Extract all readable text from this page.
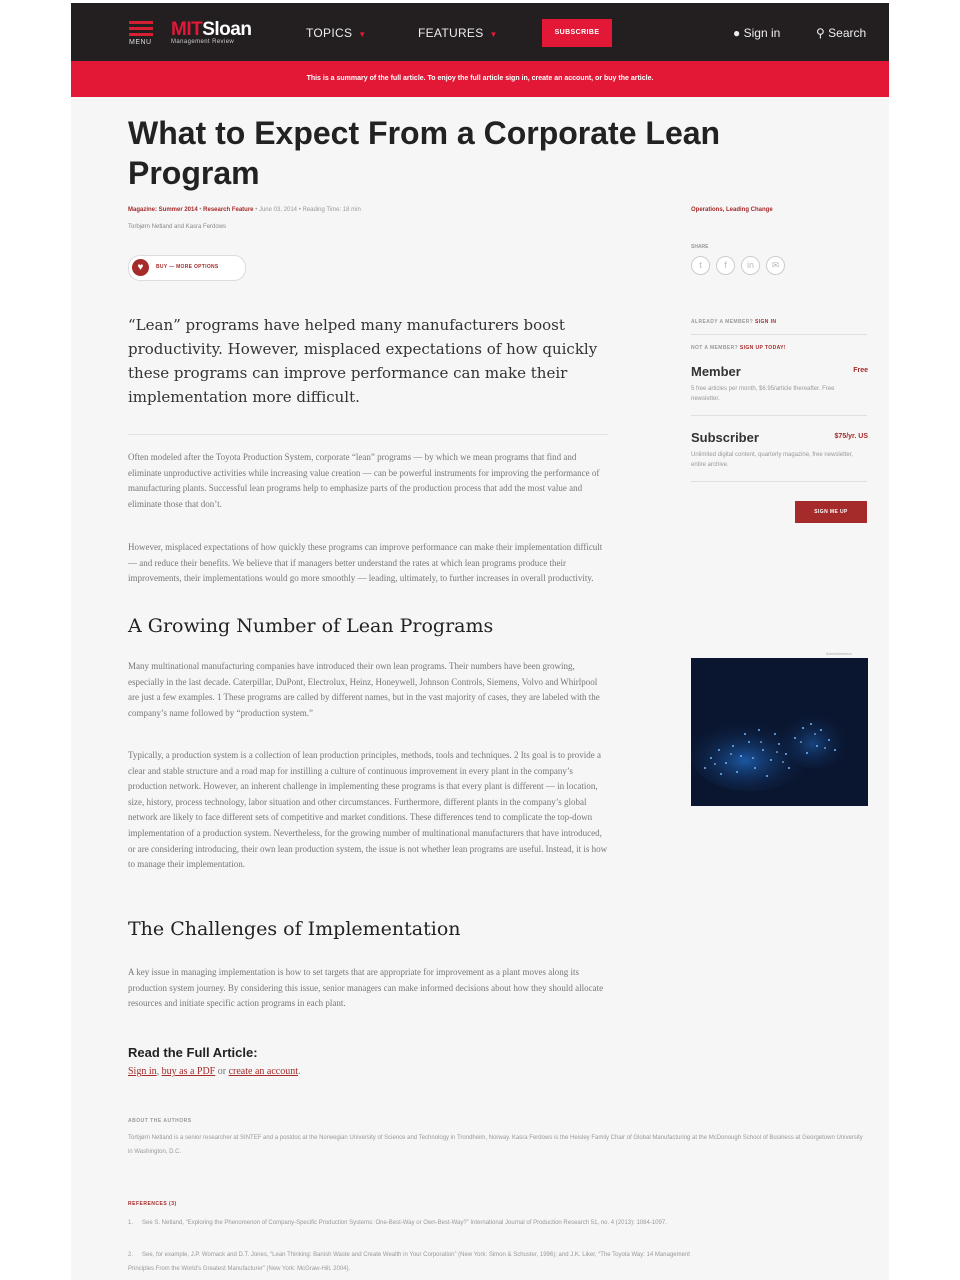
MENU
MITSloan
Management Review
TOPICS ▼	FEATURES ▼	SUBSCRIBE	● Sign in	⚲ Search
This is a summary of the full article. To enjoy the full article sign in, create an account, or buy the article.
What to Expect From a Corporate Lean Program
Magazine: Summer 2014 • Research Feature • June 03, 2014 • Reading Time: 18 min
Torbjørn Netland and Kasra Ferdows
Operations, Leading Change
SHARE
t f in ✉
♥	BUY — MORE OPTIONS

“Lean” programs have helped many manufacturers boost productivity. However, misplaced expectations of how quickly these programs can improve performance can make their implementation more difficult.

Often modeled after the Toyota Production System, corporate “lean” programs — by which we mean programs that find and eliminate unproductive activities while increasing value creation — can be powerful instruments for improving the performance of manufacturing plants. Successful lean programs help to emphasize parts of the production process that add the most value and eliminate those that don’t.

However, misplaced expectations of how quickly these programs can improve performance can make their implementation difficult — and reduce their benefits. We believe that if managers better understand the rates at which lean programs produce their improvements, their implementations would go more smoothly — leading, ultimately, to further increases in overall productivity.

A Growing Number of Lean Programs

Many multinational manufacturing companies have introduced their own lean programs. Their numbers have been growing, especially in the last decade. Caterpillar, DuPont, Electrolux, Heinz, Honeywell, Johnson Controls, Siemens, Volvo and Whirlpool are just a few examples. 1 These programs are called by different names, but in the vast majority of cases, they are labeled with the company’s name followed by “production system.”

Typically, a production system is a collection of lean production principles, methods, tools and techniques. 2 Its goal is to provide a clear and stable structure and a road map for instilling a culture of continuous improvement in every plant in the company’s production network. However, an inherent challenge in implementing these programs is that every plant is different — in location, size, history, process technology, labor situation and other circumstances. Furthermore, different plants in the company’s global network are likely to face different sets of competitive and market conditions. These differences tend to complicate the top-down implementation of a production system. Nevertheless, for the growing number of multinational manufacturers that have introduced, or are considering introducing, their own lean production system, the issue is not whether lean programs are useful. Instead, it is how to manage their implementation.

The Challenges of Implementation

A key issue in managing implementation is how to set targets that are appropriate for improvement as a plant moves along its production system journey. By considering this issue, senior managers can make informed decisions about how they should allocate resources and initiate specific action programs in each plant.

Read the Full Article:
Sign in, buy as a PDF or create an account.
ABOUT THE AUTHORS

Torbjørn Netland is a senior researcher at SINTEF and a postdoc at the Norwegian University of Science and Technology in Trondheim, Norway. Kasra Ferdows is the Heisley Family Chair of Global Manufacturing at the McDonough School of Business at Georgetown University in Washington, D.C.

REFERENCES (3)

1. See S. Netland, “Exploring the Phenomenon of Company-Specific Production Systems: One-Best-Way or Own-Best-Way?” International Journal of Production Research 51, no. 4 (2013): 1084-1097.

2. See, for example, J.P. Womack and D.T. Jones, “Lean Thinking: Banish Waste and Create Wealth in Your Corporation” (New York: Simon & Schuster, 1996); and J.K. Liker, “The Toyota Way: 14 Management Principles From the World’s Greatest Manufacturer” (New York: McGraw-Hill, 2004).

ALREADY A MEMBER? SIGN IN
NOT A MEMBER? SIGN UP TODAY!
Member	Free

5 free articles per month, $6.95/article thereafter. Free newsletter.

Subscriber	$75/yr. US

Unlimited digital content, quarterly magazine, free newsletter, entire archive.

SIGN ME UP
Advertisement
